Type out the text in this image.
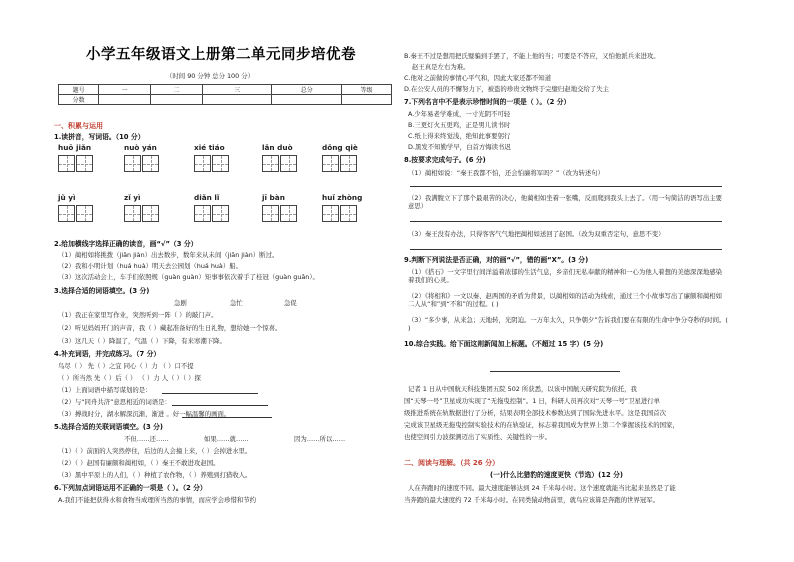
小学五年级语文上册第二单元同步培优卷
（时间 90 分钟 总分 100 分）
题号	一	二	三	总分	等级
分数					
一、积累与运用
1.读拼音，写词语。（10 分）
huō jiǎn	nuò yán	xié tiáo	lǎn duò	dǒng qiè
jǔ yì	zǐ yì	diǎn lǐ	jī bàn	huǐ zhòng
2.给加横线字选择正确的读音，画“√”（3 分）
（1）蔺相如将挑拨（jiān jiàn）出去数步，数年来从未间（jiān jiàn）断过。
（2）我和小明计划（huá huà）明天去公园划（huá huà）船。
（3）这次活动会上，车手们依照规（guàn guàn）矩事事依次着手了桂冠（guàn guān）。
3.选择合适的词语填空。(3 分)
急剧	急忙	急促
（1）我正在家里写作业，突然听到一阵（ ）的敲门声。
（2）听见妈妈开门的声音，我（ ）藏起准备好的生日礼物，想给她一个惊喜。
（3）这几天（ ）降温了，气温（ ）下降，有来寒潮下降。
4.补充词语，并完成练习。（7 分）
鸟尽（ ） 先（ ）之宜 同心（ ）力 （ ）口不提
（ ）所当然 先（ ）后（ ） （ ）力 人（ ）（ ）探
（1）上面词语中描写谋划的是：
（2）与“同舟共济”意思相近的词语是：
（3）搏战时分，湖水解深沉渐，渐进 。好一幅温馨的画面。
5.选择合适的关联词语填空。(3 分)
不但……还……	如果……就……	因为……所以……
（1）（ ）前面的人突然停住，后边的人会撞上来，（ ）会掉进水里。
（2）（ ）赵国有廉颇和蔺相如，（ ）秦王不敢进攻赵国。
（3）黑中平原上的人们，（ ）种植了农作物，（ ）养殖到打猎收人。
6.下列加点词语运用不正确的一项是（ ）。（2 分）
A.我们不能把获得水和食物当成理所当然的事情，而应学会珍惜和节约
B.秦王不过是想用把氏璧骗到手罢了，不能上他的当；可要是不答应，又怕他派兵来进攻。
赵王真是左右为难。
C.他对之前做的事情心平气和，因此大家还都不知道
D.在公安人员的不懈努力下，被盗的珍贵文物终于完璧归赵地交给了失主
7.下列名言中不是表示珍惜时间的一项是（ ）。（2 分）
A.少年易老学难成，一寸光阴不可轻
B.三更灯火五更鸡，正是男儿读书时
C.纸上得来终觉浅，绝知此事要躬行
D.黑发不知勤学早，白首方悔读书迟
8.按要求完成句子。(6 分)
（1）蔺相如说：“秦王我都不怕，还会怕廉将军吗？”（改为转述句）
（2）我满腹立下了那个最艰苦的决心，他蔺相如坐着一张嘴，反而爬到我头上去了。（用一句简洁的语写出主要意思）
（3）秦王没有办法，只得客客气气地把蔺相如送回了赵国。（改为双重否定句，意思不变）
9.判断下列说法是否正确，对的画“√”，错的画“X”。(3 分)
（1）《搭石》一文字里行间洋溢着浓郁的生活气息，乡亲们无私奉献的精神和一心为他人着想的美德深深地感染着我们的心灵。
（2）《将相和》一文以秦、赵两国的矛盾为背景，以蔺相如的活动为线索，通过三个小故事写出了廉颇和蔺相如二人从“和”到“不和”的过程。( )
（3）“多少事，从来急；天地转，光阴迫。一万年太久，只争朝夕”告诉我们要在有限的生命中争分夺秒的时间。( )
10.综合实践。给下面这则新闻加上标题。（不超过 15 字）(5 分)
记者 1 日从中国航天科技集团五院 502 所获悉，以该中国航天研究院为依托，我
国“天琴一号”卫星成功实现了“无拖曳控制”。1 日，科研人员再次对“天琴一号”卫星进行单
级推进系统在轨数据进行了分析，结果表明全部技术参数达到了国际先进水平。这是我国首次
完成该卫星级无拖曳控制实验技术的在轨验证，标志着我国成为世界上第二个掌握该技术的国家，
也使空间引力波探测迈出了实质性、关键性的一步。
二、阅读与理解。（共 26 分）
(一)什么比猎豹的速度更快（节选）(12 分)
人在奔跑时的速度不同。最大速度能够达到 24 千米每小时。这个速度就能当比起来虽然是了能
当奔跑的最大速度约 72 千米每小时。在同类猿动物前里，就鸟应该算是奔跑的世界冠军。
